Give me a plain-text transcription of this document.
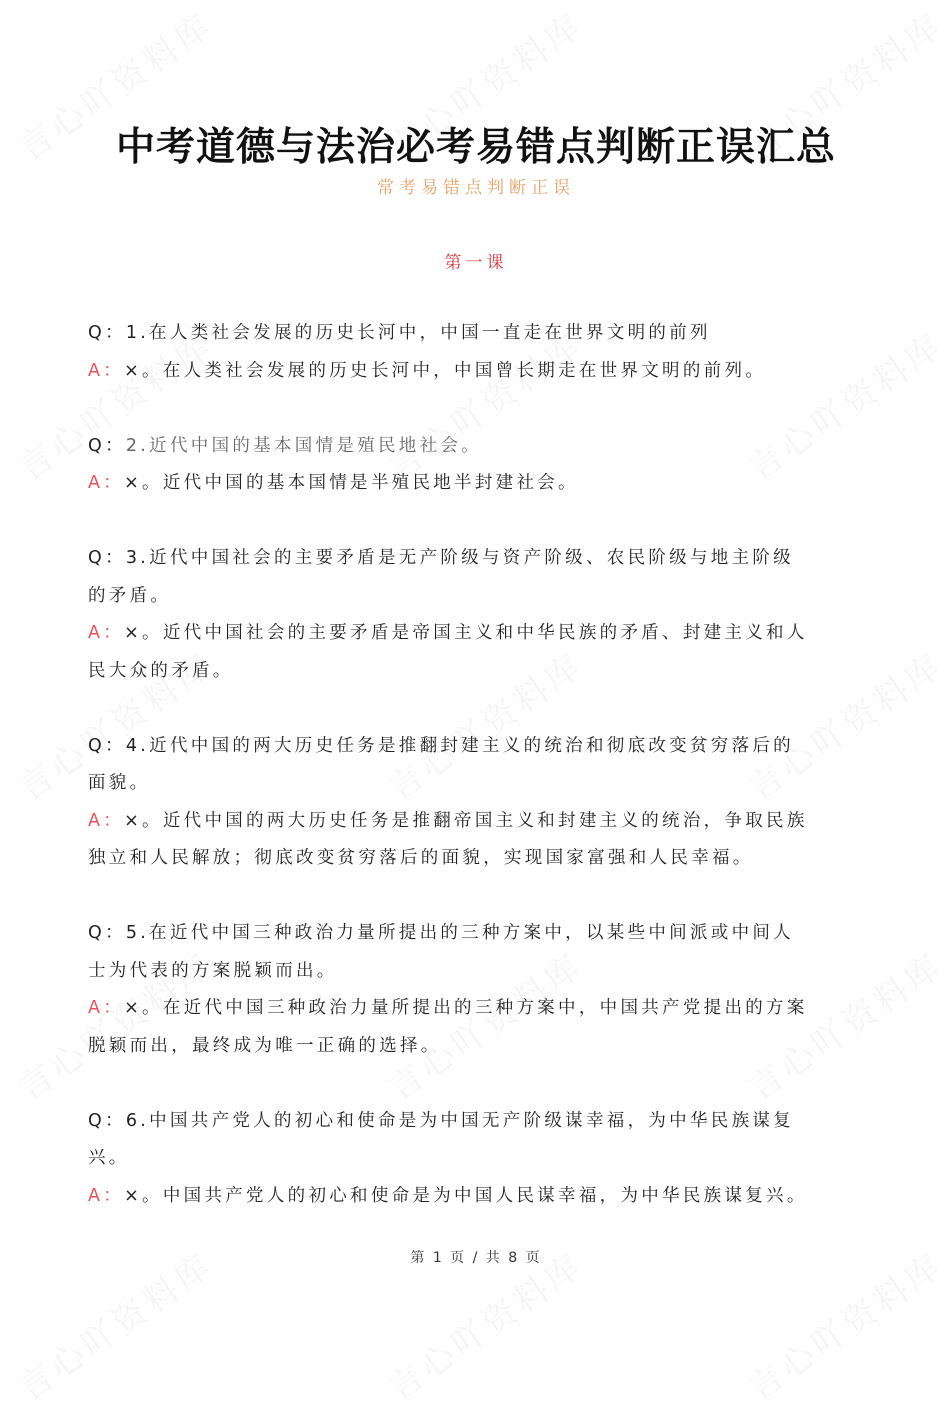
中考道德与法治必考易错点判断正误汇总
常考易错点判断正误
第一课
Q：1.在人类社会发展的历史长河中，中国一直走在世界文明的前列
A：×。在人类社会发展的历史长河中，中国曾长期走在世界文明的前列。
Q：2.近代中国的基本国情是殖民地社会。
A：×。近代中国的基本国情是半殖民地半封建社会。
Q：3.近代中国社会的主要矛盾是无产阶级与资产阶级、农民阶级与地主阶级
的矛盾。
A：×。近代中国社会的主要矛盾是帝国主义和中华民族的矛盾、封建主义和人
民大众的矛盾。
Q：4.近代中国的两大历史任务是推翻封建主义的统治和彻底改变贫穷落后的
面貌。
A：×。近代中国的两大历史任务是推翻帝国主义和封建主义的统治，争取民族
独立和人民解放；彻底改变贫穷落后的面貌，实现国家富强和人民幸福。
Q：5.在近代中国三种政治力量所提出的三种方案中，以某些中间派或中间人
士为代表的方案脱颖而出。
A：×。在近代中国三种政治力量所提出的三种方案中，中国共产党提出的方案
脱颖而出，最终成为唯一正确的选择。
Q：6.中国共产党人的初心和使命是为中国无产阶级谋幸福，为中华民族谋复
兴。
A：×。中国共产党人的初心和使命是为中国人民谋幸福，为中华民族谋复兴。
第 1 页 / 共 8 页
